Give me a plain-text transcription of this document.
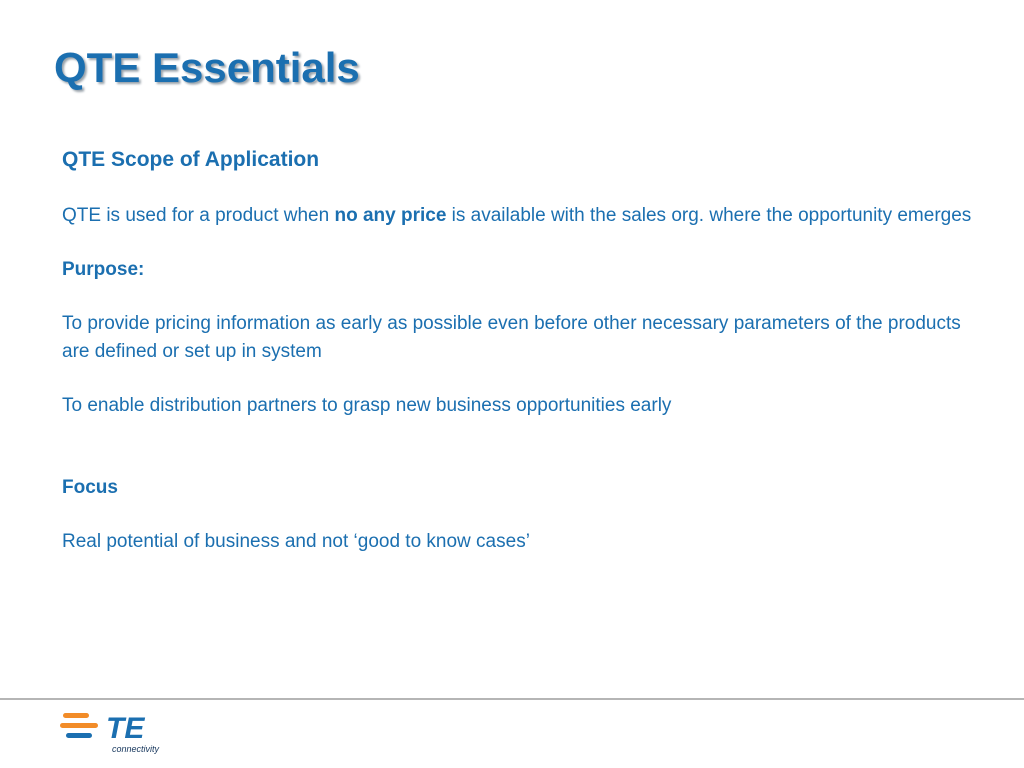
QTE Essentials

QTE Scope of Application

QTE is used for a product when no any price is available with the sales org. where the opportunity emerges

Purpose:

To provide pricing information as early as possible even before other necessary parameters of the products are defined or set up in system

To enable distribution partners to grasp new business opportunities early

Focus

Real potential of business and not ‘good to know cases’

TE
connectivity
